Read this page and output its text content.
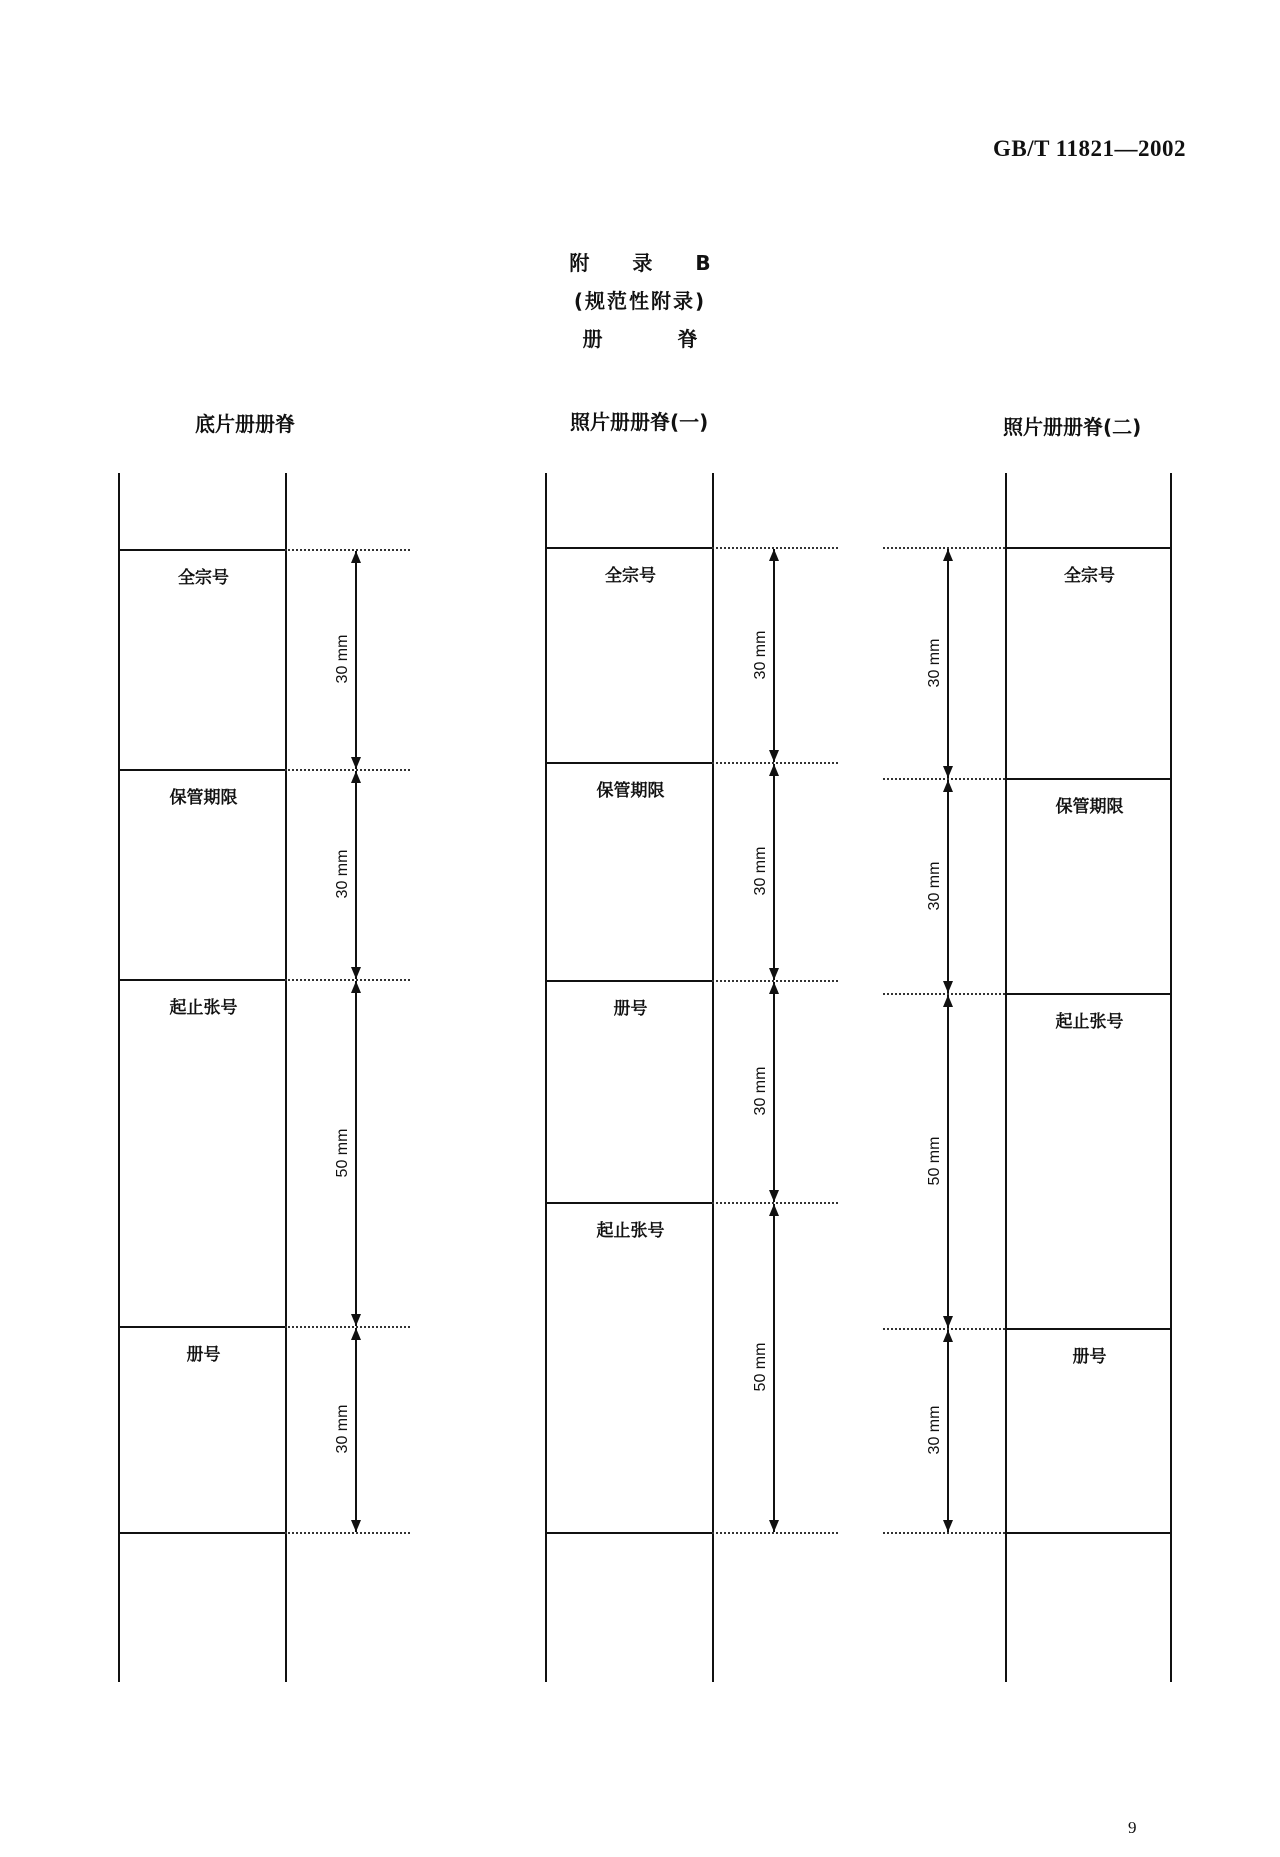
GB/T 11821—2002
附 录 B
(规范性附录)
册 脊
底片册册脊
全宗号
30 mm
保管期限
30 mm
起止张号
50 mm
册号
30 mm
照片册册脊(一)
全宗号
30 mm
保管期限
30 mm
册号
30 mm
起止张号
50 mm
照片册册脊(二)
全宗号
30 mm
保管期限
30 mm
起止张号
50 mm
册号
30 mm
9
